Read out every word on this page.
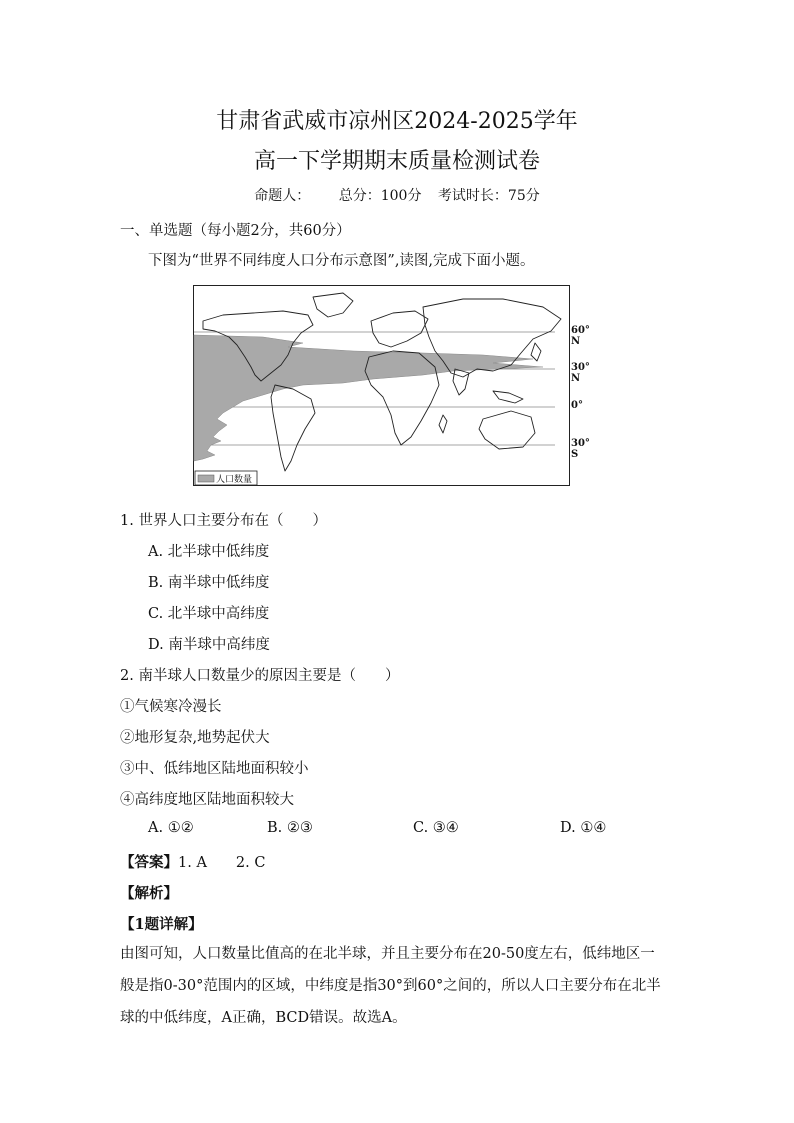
甘肃省武威市凉州区2024-2025学年
高一下学期期末质量检测试卷
命题人： 总分：100分 考试时长：75分
一、单选题（每小题2分，共60分）
下图为“世界不同纬度人口分布示意图”,读图,完成下面小题。
人口数量
60° N
30° N
0°
30° S
1. 世界人口主要分布在（　　）
A. 北半球中低纬度
B. 南半球中低纬度
C. 北半球中高纬度
D. 南半球中高纬度
2. 南半球人口数量少的原因主要是（　　）
①气候寒冷漫长
②地形复杂,地势起伏大
③中、低纬地区陆地面积较小
④高纬度地区陆地面积较大
A. ①②	B. ②③	C. ③④	D. ①④
【答案】1. A　　2. C
【解析】
【1题详解】
由图可知，人口数量比值高的在北半球，并且主要分布在20-50度左右，低纬地区一般是指0-30°范围内的区域，中纬度是指30°到60°之间的，所以人口主要分布在北半球的中低纬度，A正确，BCD错误。故选A。
